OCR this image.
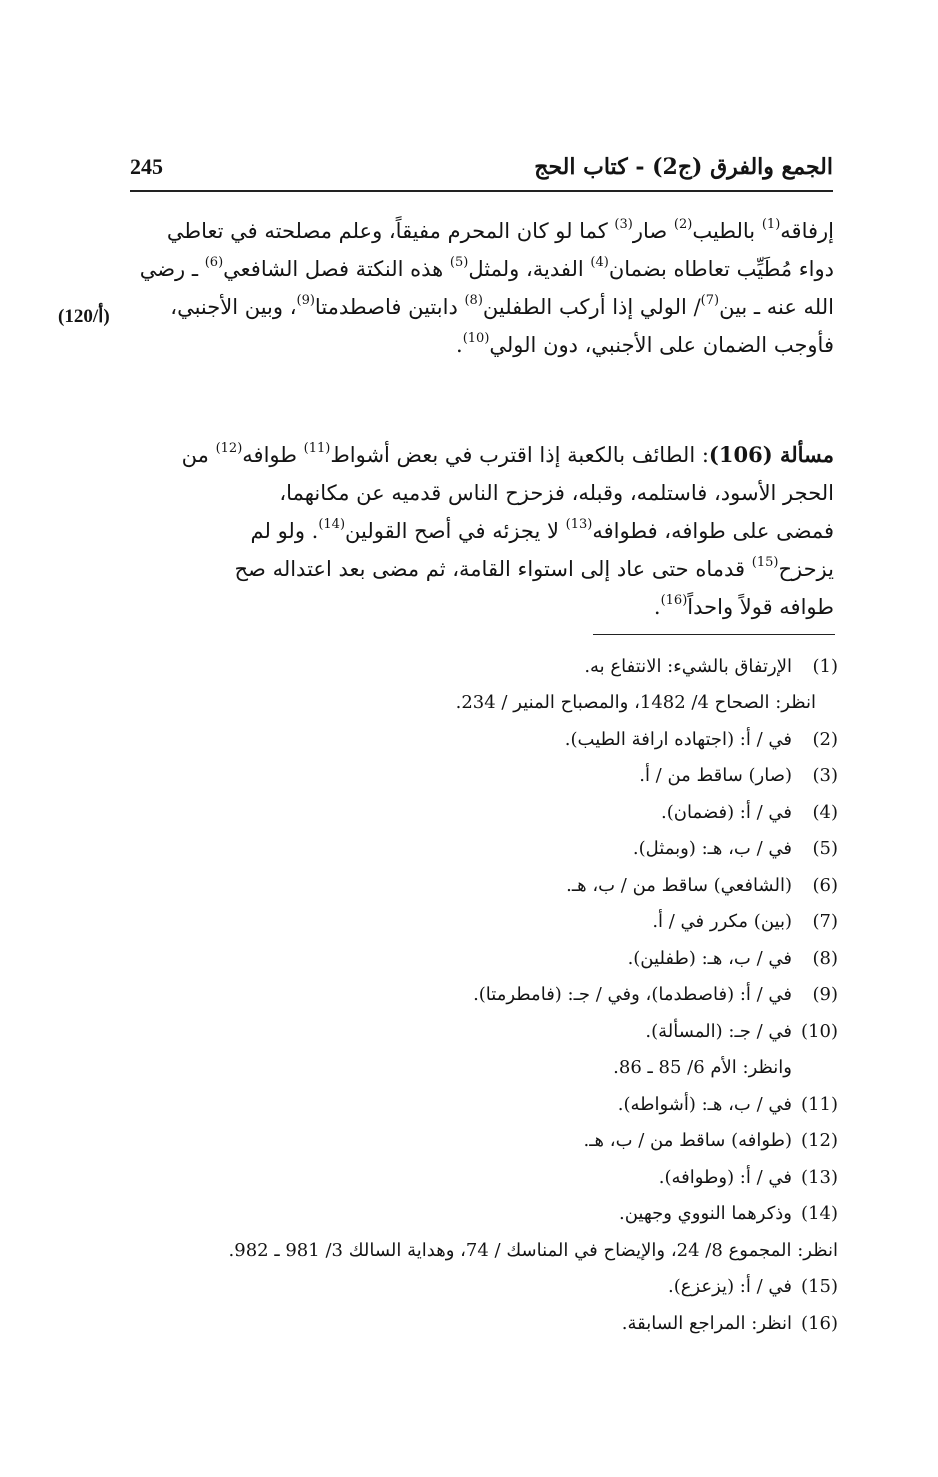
الجمع والفرق (ج2) - كتاب الحج
245
إرفاقه$^{(1)}$ بالطيب$^{(2)}$ صار$^{(3)}$ كما لو كان المحرم مفيقاً، وعلم مصلحته في تعاطي
دواء مُطَيِّب تعاطاه بضمان$^{(4)}$ الفدية، ولمثل$^{(5)}$ هذه النكتة فصل الشافعي$^{(6)}$ ـ رضي
الله عنه ـ بين$^{(7)}$/ الولي إذا أركب الطفلين$^{(8)}$ دابتين فاصطدمتا$^{(9)}$، وبين الأجنبي،
فأوجب الضمان على الأجنبي، دون الولي$^{(10)}$.
(120/أ)
مسألة (106): الطائف بالكعبة إذا اقترب في بعض أشواط$^{(11)}$ طوافه$^{(12)}$ من
الحجر الأسود، فاستلمه، وقبله، فزحزح الناس قدميه عن مكانهما،
فمضى على طوافه، فطوافه$^{(13)}$ لا يجزئه في أصح القولين$^{(14)}$. ولو لم
يزحزح$^{(15)}$ قدماه حتى عاد إلى استواء القامة، ثم مضى بعد اعتداله صح
طوافه قولاً واحداً$^{(16)}$.
(1)
الإرتفاق بالشيء: الانتفاع به.
انظر: الصحاح 4/ 1482، والمصباح المنير / 234.
(2)
في / أ: (اجتهاده ارافة الطيب).
(3)
(صار) ساقط من / أ.
(4)
في / أ: (فضمان).
(5)
في / ب، هـ: (وبمثل).
(6)
(الشافعي) ساقط من / ب، هـ.
(7)
(بين) مكرر في / أ.
(8)
في / ب، هـ: (طفلين).
(9)
في / أ: (فاصطدما)، وفي / جـ: (فامطرمتا).
(10)
في / جـ: (المسألة).
وانظر: الأم 6/ 85 ـ 86.
(11)
في / ب، هـ: (أشواطه).
(12)
(طوافه) ساقط من / ب، هـ.
(13)
في / أ: (وطوافه).
(14)
وذكرهما النووي وجهين.
انظر: المجموع 8/ 24، والإيضاح في المناسك / 74، وهداية السالك 3/ 981 ـ 982.
(15)
في / أ: (يزعزع).
(16)
انظر: المراجع السابقة.
